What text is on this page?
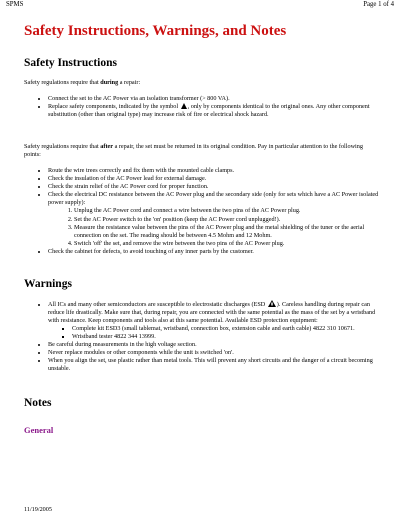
SPMS	Page 1 of 4
Safety Instructions, Warnings, and Notes
Safety Instructions

Safety regulations require that during a repair:

• Connect the set to the AC Power via an isolation transformer (> 800 VA).
• Replace safety components, indicated by the symbol , only by components identical to the original ones. Any other component substitution (other than original type) may increase risk of fire or electrical shock hazard.

Safety regulations require that after a repair, the set must be returned in its original condition. Pay in particular attention to the following points:

• Route the wire trees correctly and fix them with the mounted cable clamps.
• Check the insulation of the AC Power lead for external damage.
• Check the strain relief of the AC Power cord for proper function.
• Check the electrical DC resistance between the AC Power plug and the secondary side (only for sets which have a AC Power isolated power supply):
1. Unplug the AC Power cord and connect a wire between the two pins of the AC Power plug.
2. Set the AC Power switch to the 'on' position (keep the AC Power cord unplugged!).
3. Measure the resistance value between the pins of the AC Power plug and the metal shielding of the tuner or the aerial connection on the set. The reading should be between 4.5 Mohm and 12 Mohm.
4. Switch 'off' the set, and remove the wire between the two pins of the AC Power plug.
• Check the cabinet for defects, to avoid touching of any inner parts by the customer.
Warnings
• All ICs and many other semiconductors are susceptible to electrostatic discharges (ESD ). Careless handling during repair can reduce life drastically. Make sure that, during repair, you are connected with the same potential as the mass of the set by a wristband with resistance. Keep components and tools also at this same potential. Available ESD protection equipment:
▪ Complete kit ESD3 (small tablemat, wristband, connection box, extension cable and earth cable) 4822 310 10671.
▪ Wristband tester 4822 344 13999.
• Be careful during measurements in the high voltage section.
• Never replace modules or other components while the unit is switched 'on'.
• When you align the set, use plastic rather than metal tools. This will prevent any short circuits and the danger of a circuit becoming unstable.
Notes
General
11/19/2005
